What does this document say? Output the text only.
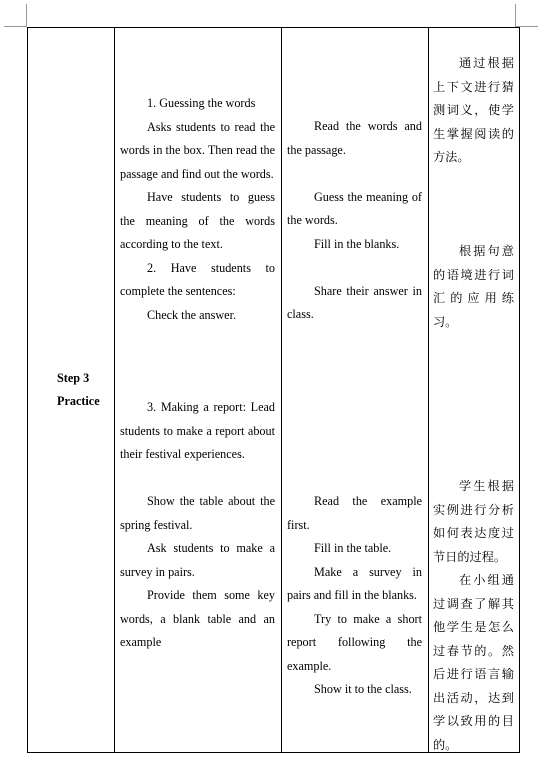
Step 3
Practice

1. Guessing the words
Asks students to read the words in the box. Then read the passage and find out the words.
Have students to guess the meaning of the words according to the text.
2. Have students to complete the sentences:
Check the answer.
3. Making a report: Lead students to make a report about their festival experiences.
Show the table about the spring festival.
Ask students to make a survey in pairs.
Provide them some key words, a blank table and an example

Read the words and the passage.
Guess the meaning of the words.
Fill in the blanks.
Share their answer in class.
Read the example first.
Fill in the table.
Make a survey in pairs and fill in the blanks.
Try to make a short report following the example.
Show it to the class.

通过根据上下文进行猜测词义，使学生掌握阅读的方法。
根据句意的语境进行词汇的应用练习。
学生根据实例进行分析如何表达度过节日的过程。
在小组通过调查了解其他学生是怎么过春节的。然后进行语言输出活动，达到学以致用的目的。
